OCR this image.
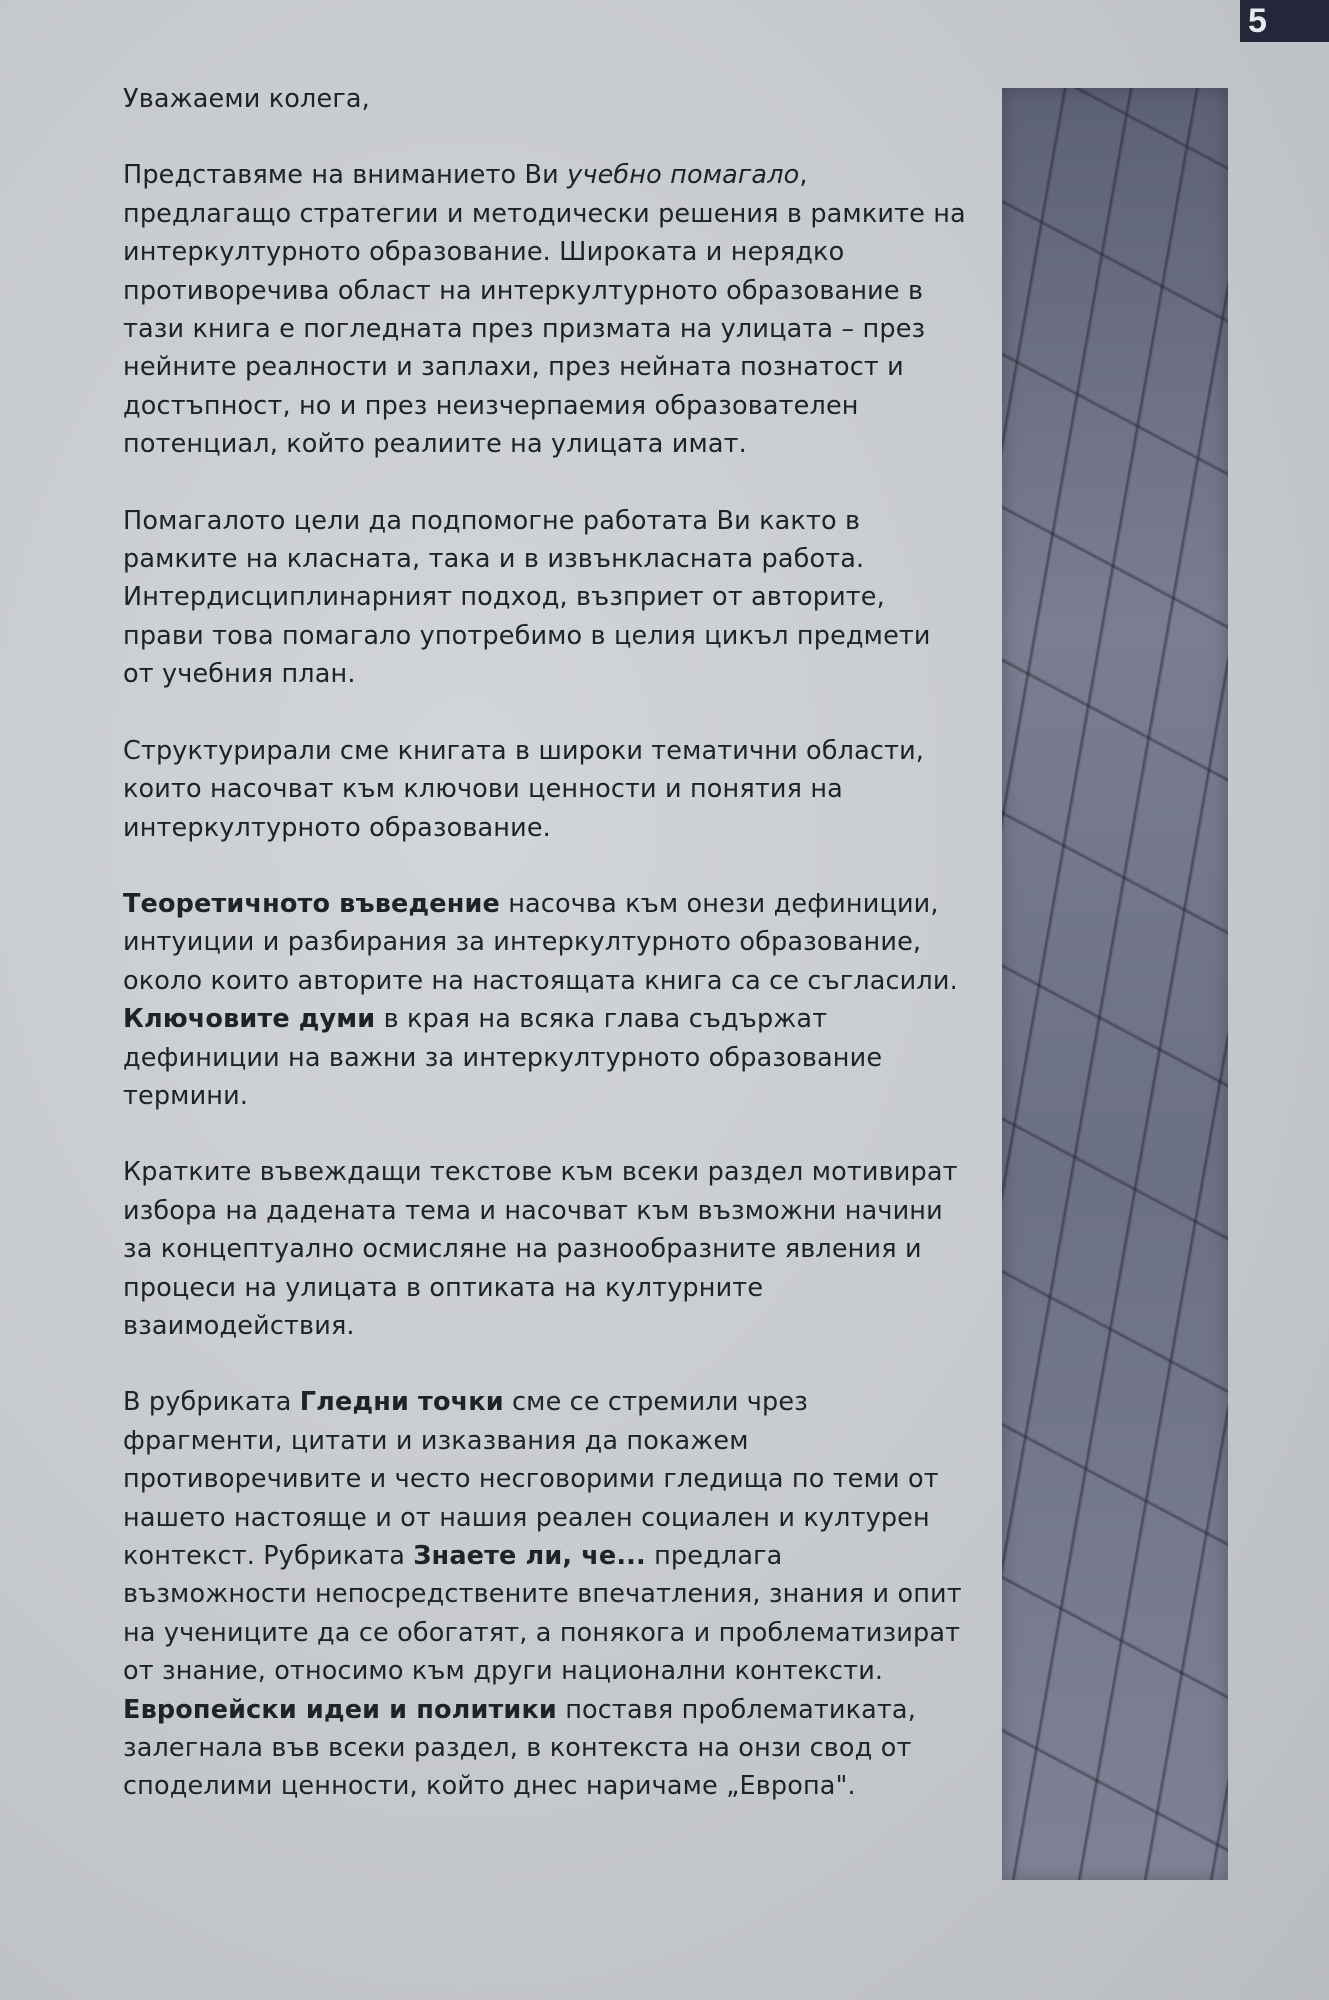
5

Уважаеми колега,

Представяме на вниманието Ви учебно помагало, предлагащо стратегии и методически решения в рамките на интеркултурното образование. Широката и нерядко противоречива област на интеркултурното образование в тази книга е погледната през призмата на улицата – през нейните реалности и заплахи, през нейната познатост и достъпност, но и през неизчерпаемия образователен потенциал, който реалиите на улицата имат.

Помагалото цели да подпомогне работата Ви както в рамките на класната, така и в извънкласната работа. Интердисциплинарният подход, възприет от авторите, прави това помагало употребимо в целия цикъл предмети от учебния план.

Структурирали сме книгата в широки тематични области, които насочват към ключови ценности и понятия на интеркултурното образование.

Теоретичното въведение насочва към онези дефиниции, интуиции и разбирания за интеркултурното образование, около които авторите на настоящата книга са се съгласили. Ключовите думи в края на всяка глава съдържат дефиниции на важни за интеркултурното образование термини.

Кратките въвеждащи текстове към всеки раздел мотивират избора на дадената тема и насочват към възможни начини за концептуално осмисляне на разнообразните явления и процеси на улицата в оптиката на културните взаимодействия.

В рубриката Гледни точки сме се стремили чрез фрагменти, цитати и изказвания да покажем противоречивите и често несговорими гледища по теми от нашето настояще и от нашия реален социален и културен контекст. Рубриката Знаете ли, че... предлага възможности непосредствените впечатления, знания и опит на учениците да се обогатят, а понякога и проблематизират от знание, относимо към други национални контексти. Европейски идеи и политики поставя проблематиката, залегнала във всеки раздел, в контекста на онзи свод от споделими ценности, който днес наричаме „Европа".
